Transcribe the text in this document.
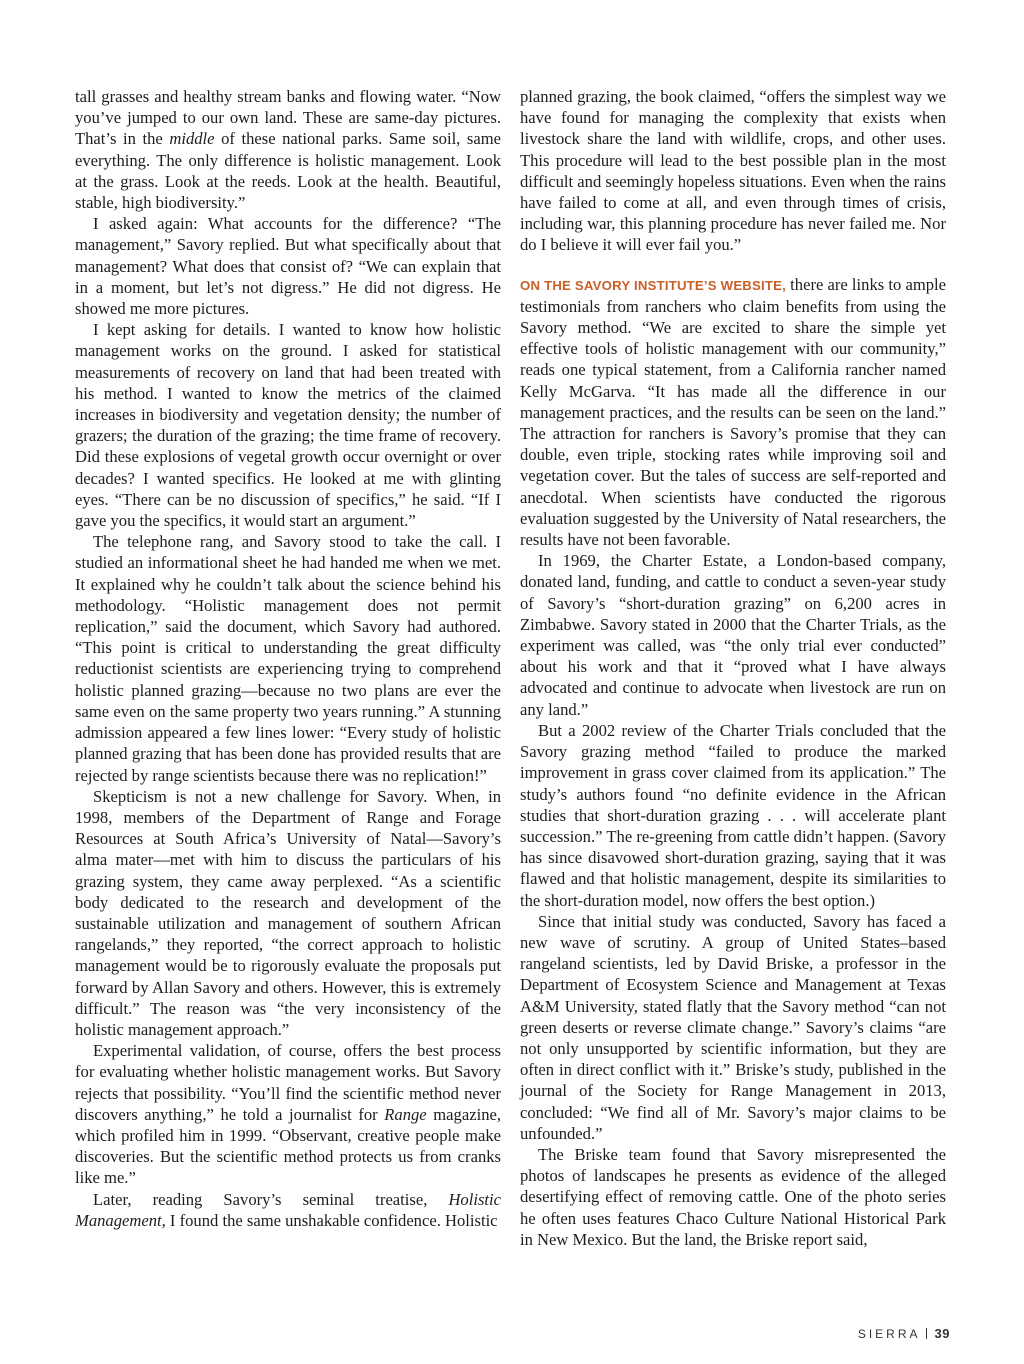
tall grasses and healthy stream banks and flowing water. “Now you’ve jumped to our own land. These are same-day pictures. That’s in the middle of these national parks. Same soil, same everything. The only difference is holistic management. Look at the grass. Look at the reeds. Look at the health. Beautiful, stable, high biodiversity.”

I asked again: What accounts for the difference? “The management,” Savory replied. But what specifically about that management? What does that consist of? “We can explain that in a moment, but let’s not digress.” He did not digress. He showed me more pictures.

I kept asking for details. I wanted to know how holistic management works on the ground. I asked for statistical measurements of recovery on land that had been treated with his method. I wanted to know the metrics of the claimed increases in biodiversity and vegetation density; the number of grazers; the duration of the grazing; the time frame of recovery. Did these explosions of vegetal growth occur overnight or over decades? I wanted specifics. He looked at me with glinting eyes. “There can be no discussion of specifics,” he said. “If I gave you the specifics, it would start an argument.”

The telephone rang, and Savory stood to take the call. I studied an informational sheet he had handed me when we met. It explained why he couldn’t talk about the science behind his methodology. “Holistic management does not permit replication,” said the document, which Savory had authored. “This point is critical to understanding the great difficulty reductionist scientists are experiencing trying to comprehend holistic planned grazing—because no two plans are ever the same even on the same property two years running.” A stunning admission appeared a few lines lower: “Every study of holistic planned grazing that has been done has provided results that are rejected by range scientists because there was no replication!”

Skepticism is not a new challenge for Savory. When, in 1998, members of the Department of Range and Forage Resources at South Africa’s University of Natal—Savory’s alma mater—met with him to discuss the particulars of his grazing system, they came away perplexed. “As a scientific body dedicated to the research and development of the sustainable utilization and management of southern African rangelands,” they reported, “the correct approach to holistic management would be to rigorously evaluate the proposals put forward by Allan Savory and others. However, this is extremely difficult.” The reason was “the very inconsistency of the holistic management approach.”

Experimental validation, of course, offers the best process for evaluating whether holistic management works. But Savory rejects that possibility. “You’ll find the scientific method never discovers anything,” he told a journalist for Range magazine, which profiled him in 1999. “Observant, creative people make discoveries. But the scientific method protects us from cranks like me.”

Later, reading Savory’s seminal treatise, Holistic Management, I found the same unshakable confidence. Holistic

planned grazing, the book claimed, “offers the simplest way we have found for managing the complexity that exists when livestock share the land with wildlife, crops, and other uses. This procedure will lead to the best possible plan in the most difficult and seemingly hopeless situations. Even when the rains have failed to come at all, and even through times of crisis, including war, this planning procedure has never failed me. Nor do I believe it will ever fail you.”

ON THE SAVORY INSTITUTE’S WEBSITE, there are links to ample testimonials from ranchers who claim benefits from using the Savory method. “We are excited to share the simple yet effective tools of holistic management with our community,” reads one typical statement, from a California rancher named Kelly McGarva. “It has made all the difference in our management practices, and the results can be seen on the land.” The attraction for ranchers is Savory’s promise that they can double, even triple, stocking rates while improving soil and vegetation cover. But the tales of success are self-reported and anecdotal. When scientists have conducted the rigorous evaluation suggested by the University of Natal researchers, the results have not been favorable.

In 1969, the Charter Estate, a London-based company, donated land, funding, and cattle to conduct a seven-year study of Savory’s “short-duration grazing” on 6,200 acres in Zimbabwe. Savory stated in 2000 that the Charter Trials, as the experiment was called, was “the only trial ever conducted” about his work and that it “proved what I have always advocated and continue to advocate when livestock are run on any land.”

But a 2002 review of the Charter Trials concluded that the Savory grazing method “failed to produce the marked improvement in grass cover claimed from its application.” The study’s authors found “no definite evidence in the African studies that short-duration grazing . . . will accelerate plant succession.” The re-greening from cattle didn’t happen. (Savory has since disavowed short-duration grazing, saying that it was flawed and that holistic management, despite its similarities to the short-duration model, now offers the best option.)

Since that initial study was conducted, Savory has faced a new wave of scrutiny. A group of United States–based rangeland scientists, led by David Briske, a professor in the Department of Ecosystem Science and Management at Texas A&M University, stated flatly that the Savory method “can not green deserts or reverse climate change.” Savory’s claims “are not only unsupported by scientific information, but they are often in direct conflict with it.” Briske’s study, published in the journal of the Society for Range Management in 2013, concluded: “We find all of Mr. Savory’s major claims to be unfounded.”

The Briske team found that Savory misrepresented the photos of landscapes he presents as evidence of the alleged desertifying effect of removing cattle. One of the photo series he often uses features Chaco Culture National Historical Park in New Mexico. But the land, the Briske report said,

SIERRA 39
